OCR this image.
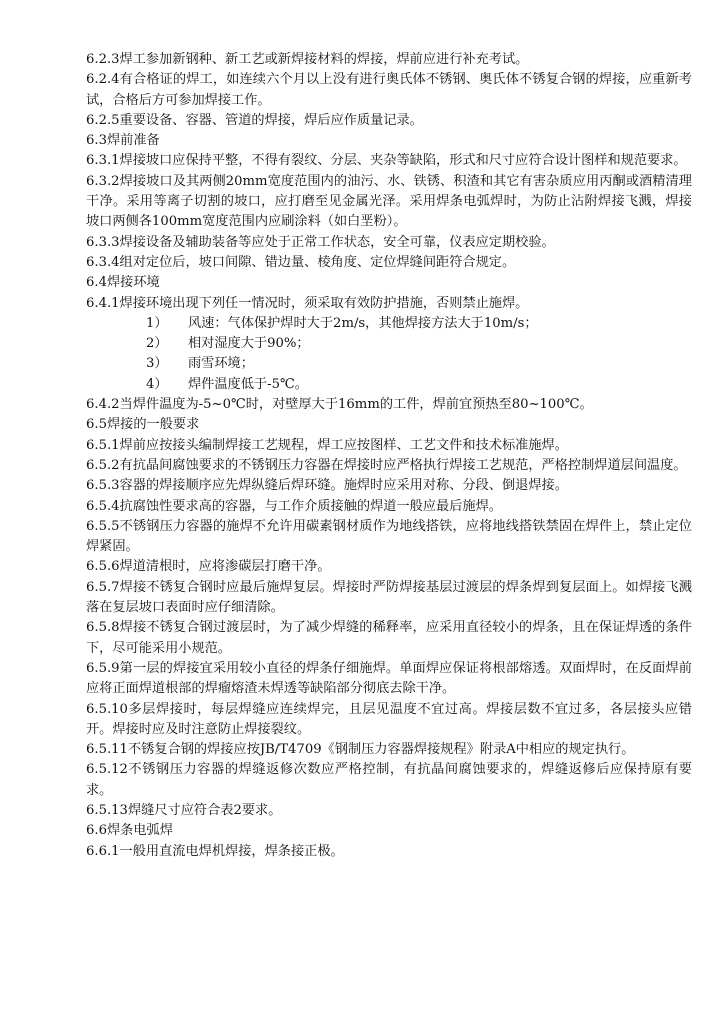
6.2.3焊工参加新钢种、新工艺或新焊接材料的焊接，焊前应进行补充考试。

6.2.4有合格证的焊工，如连续六个月以上没有进行奥氏体不锈钢、奥氏体不锈复合钢的焊接，应重新考试，合格后方可参加焊接工作。

6.2.5重要设备、容器、管道的焊接，焊后应作质量记录。

6.3焊前准备

6.3.1焊接坡口应保持平整，不得有裂纹、分层、夹杂等缺陷，形式和尺寸应符合设计图样和规范要求。

6.3.2焊接坡口及其两侧20mm宽度范围内的油污、水、铁锈、积渣和其它有害杂质应用丙酮或酒精清理干净。采用等离子切割的坡口，应打磨至见金属光泽。采用焊条电弧焊时，为防止沾附焊接飞溅，焊接坡口两侧各100mm宽度范围内应刷涂料（如白垩粉）。

6.3.3焊接设备及辅助装备等应处于正常工作状态，安全可靠，仪表应定期校验。

6.3.4组对定位后，坡口间隙、错边量、棱角度、定位焊缝间距符合规定。

6.4焊接环境

6.4.1焊接环境出现下列任一情况时，须采取有效防护措施，否则禁止施焊。

1） 风速：气体保护焊时大于2m/s，其他焊接方法大于10m/s；

2） 相对湿度大于90%；

3） 雨雪环境；

4） 焊件温度低于-5℃。

6.4.2当焊件温度为-5~0℃时，对壁厚大于16mm的工件，焊前宜预热至80~100℃。

6.5焊接的一般要求

6.5.1焊前应按接头编制焊接工艺规程，焊工应按图样、工艺文件和技术标准施焊。

6.5.2有抗晶间腐蚀要求的不锈钢压力容器在焊接时应严格执行焊接工艺规范，严格控制焊道层间温度。

6.5.3容器的焊接顺序应先焊纵缝后焊环缝。施焊时应采用对称、分段、倒退焊接。

6.5.4抗腐蚀性要求高的容器，与工作介质接触的焊道一般应最后施焊。

6.5.5不锈钢压力容器的施焊不允许用碳素钢材质作为地线搭铁，应将地线搭铁禁固在焊件上，禁止定位焊紧固。

6.5.6焊道清根时，应将渗碳层打磨干净。

6.5.7焊接不锈复合钢时应最后施焊复层。焊接时严防焊接基层过渡层的焊条焊到复层面上。如焊接飞溅落在复层坡口表面时应仔细清除。

6.5.8焊接不锈复合钢过渡层时，为了减少焊缝的稀释率，应采用直径较小的焊条，且在保证焊透的条件下，尽可能采用小规范。

6.5.9第一层的焊接宜采用较小直径的焊条仔细施焊。单面焊应保证将根部熔透。双面焊时，在反面焊前应将正面焊道根部的焊瘤熔渣未焊透等缺陷部分彻底去除干净。

6.5.10多层焊接时，每层焊缝应连续焊完，且层见温度不宜过高。焊接层数不宜过多，各层接头应错开。焊接时应及时注意防止焊接裂纹。

6.5.11不锈复合钢的焊接应按JB/T4709《钢制压力容器焊接规程》附录A中相应的规定执行。

6.5.12不锈钢压力容器的焊缝返修次数应严格控制，有抗晶间腐蚀要求的，焊缝返修后应保持原有要求。

6.5.13焊缝尺寸应符合表2要求。

6.6焊条电弧焊

6.6.1一般用直流电焊机焊接，焊条接正极。
